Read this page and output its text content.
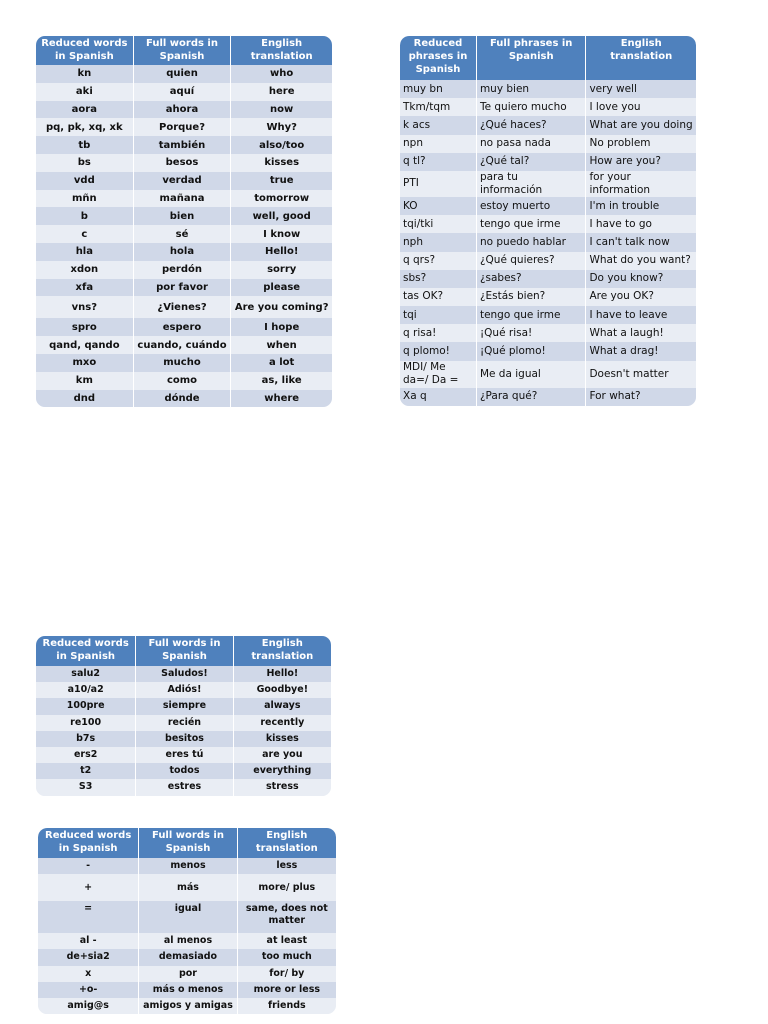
Reduced words in Spanish	Full words in Spanish	English translation
kn	quien	who
aki	aquí	here
aora	ahora	now
pq, pk, xq, xk	Porque?	Why?
tb	también	also/too
bs	besos	kisses
vdd	verdad	true
mñn	mañana	tomorrow
b	bien	well, good
c	sé	I know
hla	hola	Hello!
xdon	perdón	sorry
xfa	por favor	please
vns?	¿Vienes?	Are you coming?
spro	espero	I hope
qand, qando	cuando, cuándo	when
mxo	mucho	a lot
km	como	as, like
dnd	dónde	where
Reduced phrases in Spanish	Full phrases in Spanish	English translation
muy bn	muy bien	very well
Tkm/tqm	Te quiero mucho	I love you
k acs	¿Qué haces?	What are you doing
npn	no pasa nada	No problem
q tl?	¿Qué tal?	How are you?
PTI	para tu información	for your information
KO	estoy muerto	I'm in trouble
tqi/tki	tengo que irme	I have to go
nph	no puedo hablar	I can't talk now
q qrs?	¿Qué quieres?	What do you want?
sbs?	¿sabes?	Do you know?
tas OK?	¿Estás bien?	Are you OK?
tqi	tengo que irme	I have to leave
q risa!	¡Qué risa!	What a laugh!
q plomo!	¡Qué plomo!	What a drag!
MDI/ Me da=/ Da =	Me da igual	Doesn't matter
Xa q	¿Para qué?	For what?
Reduced words in Spanish	Full words in Spanish	English translation
salu2	Saludos!	Hello!
a10/a2	Adiós!	Goodbye!
100pre	siempre	always
re100	recién	recently
b7s	besitos	kisses
ers2	eres tú	are you
t2	todos	everything
S3	estres	stress
Reduced words in Spanish	Full words in Spanish	English translation
-	menos	less
+	más	more/ plus
=	igual	same, does not matter
al -	al menos	at least
de+sia2	demasiado	too much
x	por	for/ by
+o-	más o menos	more or less
amig@s	amigos y amigas	friends
